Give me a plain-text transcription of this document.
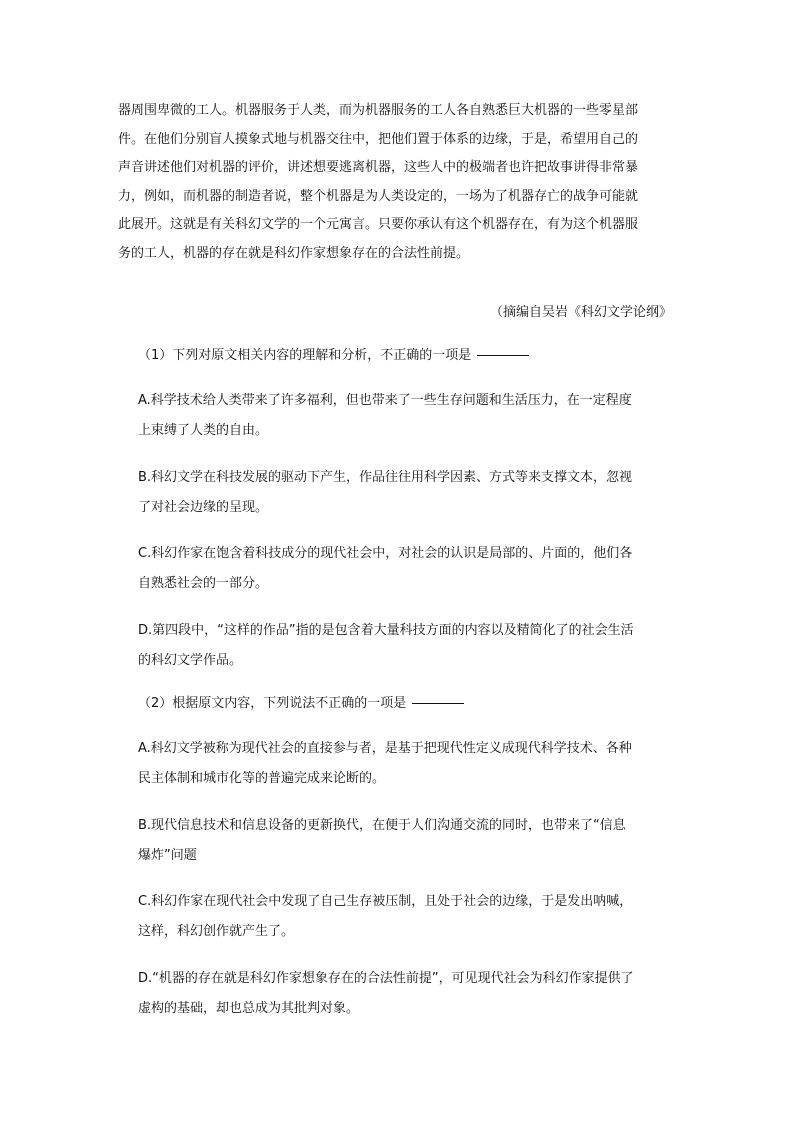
器周围卑微的工人。机器服务于人类，而为机器服务的工人各自熟悉巨大机器的一些零星部
件。在他们分别盲人摸象式地与机器交往中，把他们置于体系的边缘，于是，希望用自己的
声音讲述他们对机器的评价，讲述想要逃离机器，这些人中的极端者也许把故事讲得非常暴
力，例如，而机器的制造者说，整个机器是为人类设定的，一场为了机器存亡的战争可能就
此展开。这就是有关科幻文学的一个元寓言。只要你承认有这个机器存在，有为这个机器服
务的工人，机器的存在就是科幻作家想象存在的合法性前提。
（摘编自吴岩《科幻文学论纲》
（1）下列对原文相关内容的理解和分析，不正确的一项是
A.科学技术给人类带来了许多福利，但也带来了一些生存问题和生活压力，在一定程度
上束缚了人类的自由。
B.科幻文学在科技发展的驱动下产生，作品往往用科学因素、方式等来支撑文本，忽视
了对社会边缘的呈现。
C.科幻作家在饱含着科技成分的现代社会中，对社会的认识是局部的、片面的，他们各
自熟悉社会的一部分。
D.第四段中，“这样的作品”指的是包含着大量科技方面的内容以及精简化了的社会生活
的科幻文学作品。
（2）根据原文内容，下列说法不正确的一项是
A.科幻文学被称为现代社会的直接参与者，是基于把现代性定义成现代科学技术、各种
民主体制和城市化等的普遍完成来论断的。
B.现代信息技术和信息设备的更新换代，在便于人们沟通交流的同时，也带来了“信息
爆炸”问题
C.科幻作家在现代社会中发现了自己生存被压制，且处于社会的边缘，于是发出呐喊，
这样，科幻创作就产生了。
D.“机器的存在就是科幻作家想象存在的合法性前提”，可见现代社会为科幻作家提供了
虚构的基础，却也总成为其批判对象。
